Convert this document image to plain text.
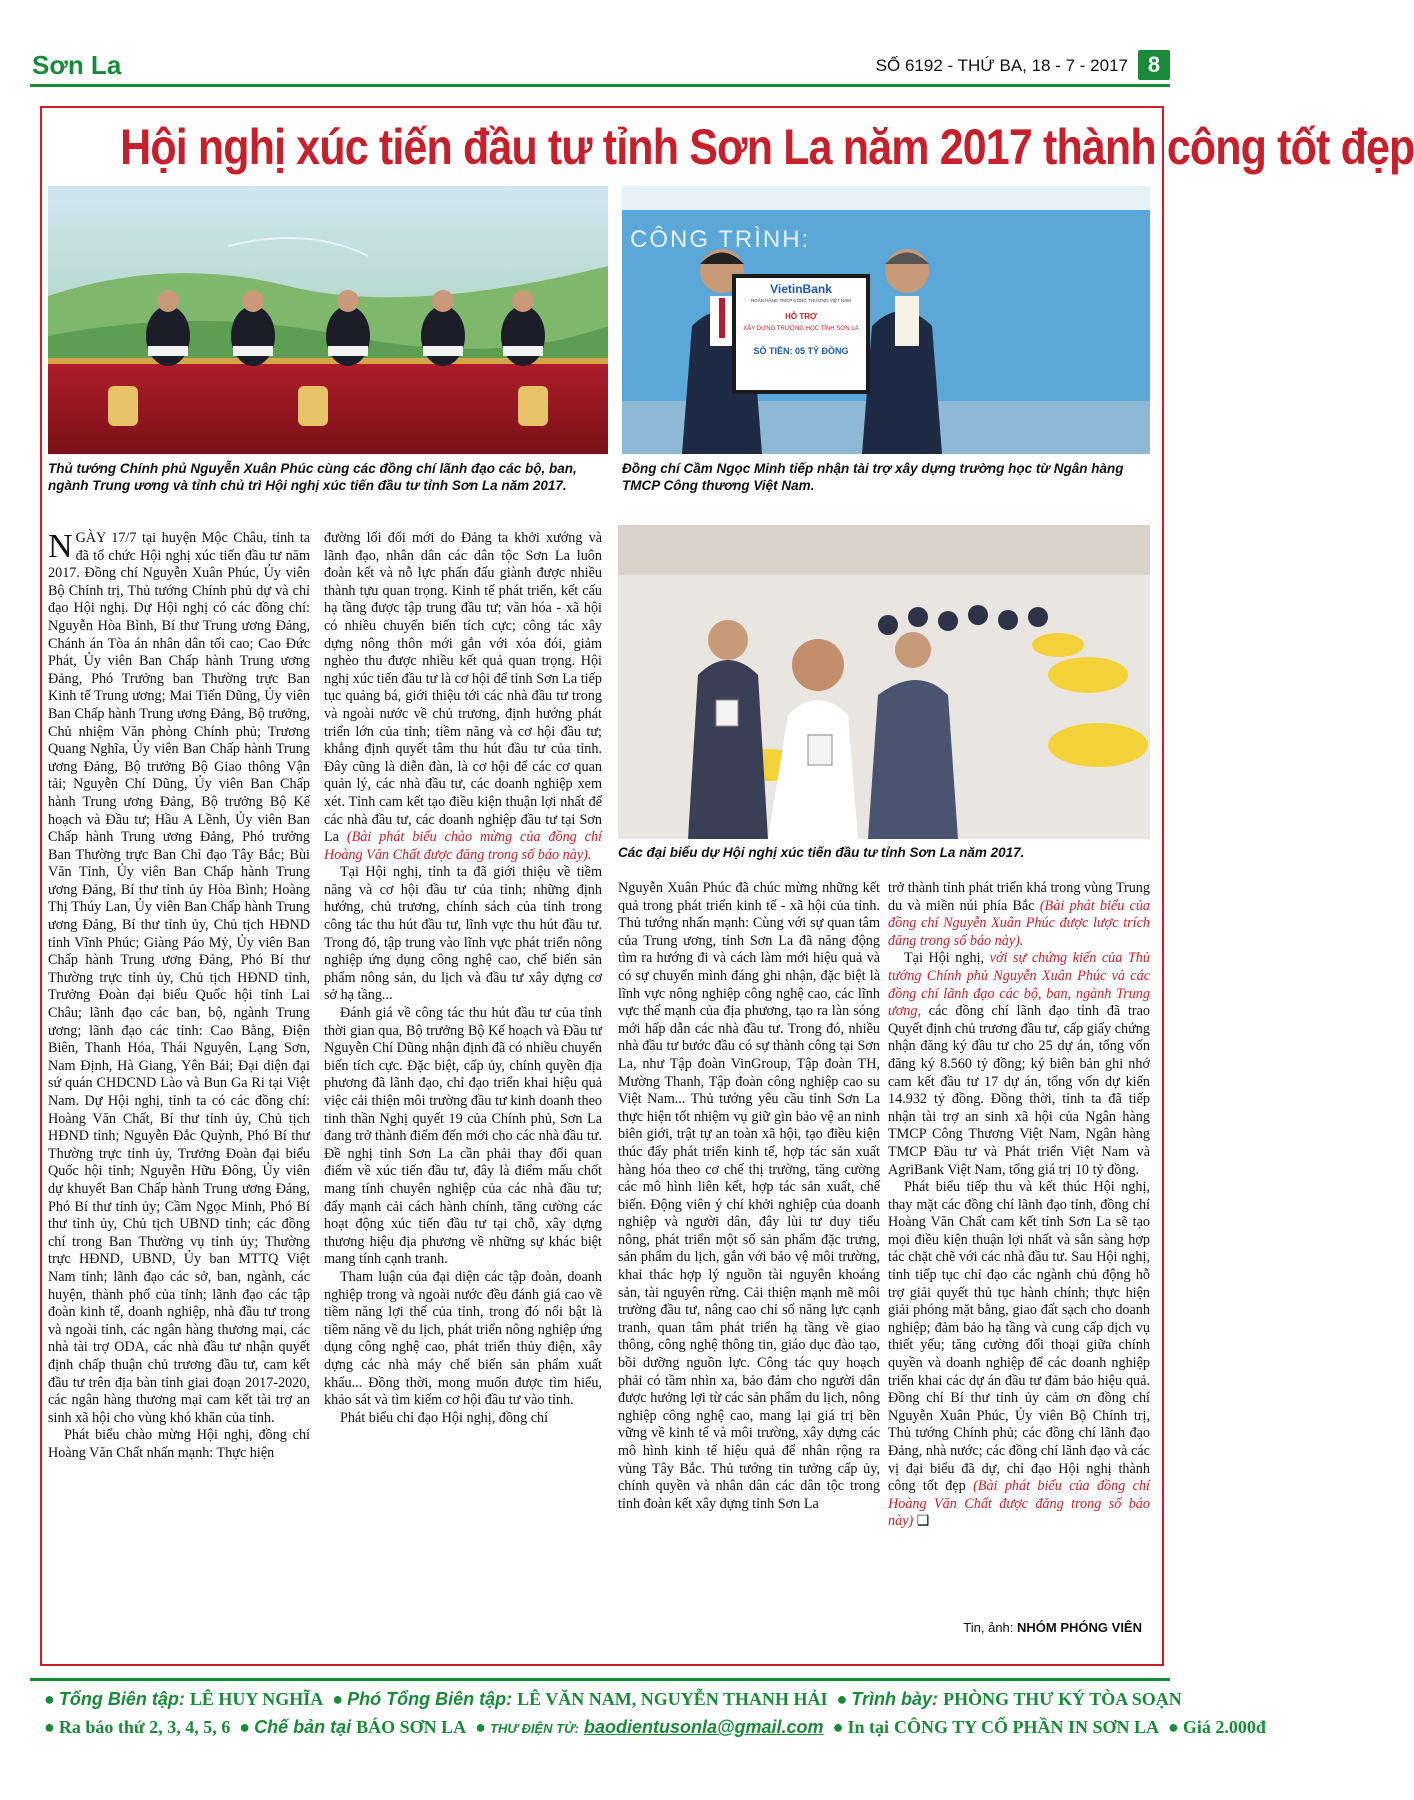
Sơn La	SỐ 6192 - THỨ BA, 18 - 7 - 2017 8
Hội nghị xúc tiến đầu tư tỉnh Sơn La năm 2017 thành công tốt đẹp
Thủ tướng Chính phủ Nguyễn Xuân Phúc cùng các đồng chí lãnh đạo các bộ, ban, ngành Trung ương và tỉnh chủ trì Hội nghị xúc tiến đầu tư tỉnh Sơn La năm 2017.
CÔNG TRÌNH:
VietinBank
NGÂN HÀNG TMCP CÔNG THƯƠNG VIỆT NAM
HỖ TRỢ
XÂY DỰNG TRƯỜNG HỌC TỈNH SƠN LA
SỐ TIỀN: 05 TỶ ĐỒNG
Đồng chí Cầm Ngọc Minh tiếp nhận tài trợ xây dựng trường học từ Ngân hàng TMCP Công thương Việt Nam.
Các đại biểu dự Hội nghị xúc tiến đầu tư tỉnh Sơn La năm 2017.

NGÀY 17/7 tại huyện Mộc Châu, tỉnh ta đã tổ chức Hội nghị xúc tiến đầu tư năm 2017. Đồng chí Nguyễn Xuân Phúc, Ủy viên Bộ Chính trị, Thủ tướng Chính phủ dự và chỉ đạo Hội nghị. Dự Hội nghị có các đồng chí: Nguyễn Hòa Bình, Bí thư Trung ương Đảng, Chánh án Tòa án nhân dân tối cao; Cao Đức Phát, Ủy viên Ban Chấp hành Trung ương Đảng, Phó Trưởng ban Thường trực Ban Kinh tế Trung ương; Mai Tiến Dũng, Ủy viên Ban Chấp hành Trung ương Đảng, Bộ trưởng, Chủ nhiệm Văn phòng Chính phủ; Trương Quang Nghĩa, Ủy viên Ban Chấp hành Trung ương Đảng, Bộ trưởng Bộ Giao thông Vận tải; Nguyễn Chí Dũng, Ủy viên Ban Chấp hành Trung ương Đảng, Bộ trưởng Bộ Kế hoạch và Đầu tư; Hầu A Lềnh, Ủy viên Ban Chấp hành Trung ương Đảng, Phó trưởng Ban Thường trực Ban Chỉ đạo Tây Bắc; Bùi Văn Tỉnh, Ủy viên Ban Chấp hành Trung ương Đảng, Bí thư tỉnh ủy Hòa Bình; Hoàng Thị Thúy Lan, Ủy viên Ban Chấp hành Trung ương Đảng, Bí thư tỉnh ủy, Chủ tịch HĐND tỉnh Vĩnh Phúc; Giàng Páo Mỷ, Ủy viên Ban Chấp hành Trung ương Đảng, Phó Bí thư Thường trực tỉnh ủy, Chủ tịch HĐND tỉnh, Trưởng Đoàn đại biểu Quốc hội tỉnh Lai Châu; lãnh đạo các ban, bộ, ngành Trung ương; lãnh đạo các tỉnh: Cao Bằng, Điện Biên, Thanh Hóa, Thái Nguyên, Lạng Sơn, Nam Định, Hà Giang, Yên Bái; Đại diện đại sứ quán CHDCND Lào và Bun Ga Ri tại Việt Nam. Dự Hội nghị, tỉnh ta có các đồng chí: Hoàng Văn Chất, Bí thư tỉnh ủy, Chủ tịch HĐND tỉnh; Nguyễn Đắc Quỳnh, Phó Bí thư Thường trực tỉnh ủy, Trưởng Đoàn đại biểu Quốc hội tỉnh; Nguyễn Hữu Đông, Ủy viên dự khuyết Ban Chấp hành Trung ương Đảng, Phó Bí thư tỉnh ủy; Cầm Ngọc Minh, Phó Bí thư tỉnh ủy, Chủ tịch UBND tỉnh; các đồng chí trong Ban Thường vụ tỉnh ủy; Thường trực HĐND, UBND, Ủy ban MTTQ Việt Nam tỉnh; lãnh đạo các sở, ban, ngành, các huyện, thành phố của tỉnh; lãnh đạo các tập đoàn kinh tế, doanh nghiệp, nhà đầu tư trong và ngoài tỉnh, các ngân hàng thương mại, các nhà tài trợ ODA, các nhà đầu tư nhận quyết định chấp thuận chủ trương đầu tư, cam kết đầu tư trên địa bàn tỉnh giai đoạn 2017-2020, các ngân hàng thương mại cam kết tài trợ an sinh xã hội cho vùng khó khăn của tỉnh.

Phát biểu chào mừng Hội nghị, đồng chí Hoàng Văn Chất nhấn mạnh: Thực hiện

đường lối đổi mới do Đảng ta khởi xướng và lãnh đạo, nhân dân các dân tộc Sơn La luôn đoàn kết và nỗ lực phấn đấu giành được nhiều thành tựu quan trọng. Kinh tế phát triển, kết cấu hạ tầng được tập trung đầu tư; văn hóa - xã hội có nhiều chuyển biến tích cực; công tác xây dựng nông thôn mới gắn với xóa đói, giảm nghèo thu được nhiều kết quả quan trọng. Hội nghị xúc tiến đầu tư là cơ hội để tỉnh Sơn La tiếp tục quảng bá, giới thiệu tới các nhà đầu tư trong và ngoài nước về chủ trương, định hướng phát triển lớn của tỉnh; tiềm năng và cơ hội đầu tư; khẳng định quyết tâm thu hút đầu tư của tỉnh. Đây cũng là diễn đàn, là cơ hội để các cơ quan quản lý, các nhà đầu tư, các doanh nghiệp xem xét. Tỉnh cam kết tạo điều kiện thuận lợi nhất để các nhà đầu tư, các doanh nghiệp đầu tư tại Sơn La (Bài phát biểu chào mừng của đồng chí Hoàng Văn Chất được đăng trong số báo này).

Tại Hội nghị, tỉnh ta đã giới thiệu về tiềm năng và cơ hội đầu tư của tỉnh; những định hướng, chủ trương, chính sách của tỉnh trong công tác thu hút đầu tư, lĩnh vực thu hút đầu tư. Trong đó, tập trung vào lĩnh vực phát triển nông nghiệp ứng dụng công nghệ cao, chế biến sản phẩm nông sản, du lịch và đầu tư xây dựng cơ sở hạ tầng...

Đánh giá về công tác thu hút đầu tư của tỉnh thời gian qua, Bộ trưởng Bộ Kế hoạch và Đầu tư Nguyễn Chí Dũng nhận định đã có nhiều chuyển biến tích cực. Đặc biệt, cấp ủy, chính quyền địa phương đã lãnh đạo, chỉ đạo triển khai hiệu quả việc cải thiện môi trường đầu tư kinh doanh theo tinh thần Nghị quyết 19 của Chính phủ, Sơn La đang trở thành điểm đến mới cho các nhà đầu tư. Đề nghị tỉnh Sơn La cần phải thay đổi quan điểm về xúc tiến đầu tư, đây là điểm mấu chốt mang tính chuyên nghiệp của các nhà đầu tư; đẩy mạnh cải cách hành chính, tăng cường các hoạt động xúc tiến đầu tư tại chỗ, xây dựng thương hiệu địa phương về những sự khác biệt mang tính cạnh tranh.

Tham luận của đại diện các tập đoàn, doanh nghiệp trong và ngoài nước đều đánh giá cao về tiềm năng lợi thế của tỉnh, trong đó nổi bật là tiềm năng về du lịch, phát triển nông nghiệp ứng dụng công nghệ cao, phát triển thủy điện, xây dựng các nhà máy chế biến sản phẩm xuất khẩu... Đồng thời, mong muốn được tìm hiểu, khảo sát và tìm kiếm cơ hội đầu tư vào tỉnh.

Phát biểu chỉ đạo Hội nghị, đồng chí

Nguyễn Xuân Phúc đã chúc mừng những kết quả trong phát triển kinh tế - xã hội của tỉnh. Thủ tướng nhấn mạnh: Cùng với sự quan tâm của Trung ương, tỉnh Sơn La đã năng động tìm ra hướng đi và cách làm mới hiệu quả và có sự chuyển mình đáng ghi nhận, đặc biệt là lĩnh vực nông nghiệp công nghệ cao, các lĩnh vực thế mạnh của địa phương, tạo ra làn sóng mới hấp dẫn các nhà đầu tư. Trong đó, nhiều nhà đầu tư bước đầu có sự thành công tại Sơn La, như Tập đoàn VinGroup, Tập đoàn TH, Mường Thanh, Tập đoàn công nghiệp cao su Việt Nam... Thủ tướng yêu cầu tỉnh Sơn La thực hiện tốt nhiệm vụ giữ gìn bảo vệ an ninh biên giới, trật tự an toàn xã hội, tạo điều kiện thúc đẩy phát triển kinh tế, hợp tác sản xuất hàng hóa theo cơ chế thị trường, tăng cường các mô hình liên kết, hợp tác sản xuất, chế biến. Động viên ý chí khởi nghiệp của doanh nghiệp và người dân, đây lùi tư duy tiểu nông, phát triển một số sản phẩm đặc trưng, sản phẩm du lịch, gắn với bảo vệ môi trường, khai thác hợp lý nguồn tài nguyên khoáng sản, tài nguyên rừng. Cải thiện mạnh mẽ môi trường đầu tư, nâng cao chỉ số năng lực cạnh tranh, quan tâm phát triển hạ tầng về giao thông, công nghệ thông tin, giáo dục đào tạo, bồi dưỡng nguồn lực. Công tác quy hoạch phải có tầm nhìn xa, bảo đảm cho người dân được hưởng lợi từ các sản phẩm du lịch, nông nghiệp công nghệ cao, mang lại giá trị bền vững về kinh tế và môi trường, xây dựng các mô hình kinh tế hiệu quả để nhân rộng ra vùng Tây Bắc. Thủ tướng tin tưởng cấp ủy, chính quyền và nhân dân các dân tộc trong tỉnh đoàn kết xây dựng tỉnh Sơn La

trở thành tỉnh phát triển khá trong vùng Trung du và miền núi phía Bắc (Bài phát biểu của đồng chí Nguyễn Xuân Phúc được lược trích đăng trong số báo này).

Tại Hội nghị, với sự chứng kiến của Thủ tướng Chính phủ Nguyễn Xuân Phúc và các đồng chí lãnh đạo các bộ, ban, ngành Trung ương, các đồng chí lãnh đạo tỉnh đã trao Quyết định chủ trương đầu tư, cấp giấy chứng nhận đăng ký đầu tư cho 25 dự án, tổng vốn đăng ký 8.560 tỷ đồng; ký biên bản ghi nhớ cam kết đầu tư 17 dự án, tổng vốn dự kiến 14.932 tỷ đồng. Đồng thời, tỉnh ta đã tiếp nhận tài trợ an sinh xã hội của Ngân hàng TMCP Công Thương Việt Nam, Ngân hàng TMCP Đầu tư và Phát triển Việt Nam và AgriBank Việt Nam, tổng giá trị 10 tỷ đồng.

Phát biểu tiếp thu và kết thúc Hội nghị, thay mặt các đồng chí lãnh đạo tỉnh, đồng chí Hoàng Văn Chất cam kết tỉnh Sơn La sẽ tạo mọi điều kiện thuận lợi nhất và sẵn sàng hợp tác chặt chẽ với các nhà đầu tư. Sau Hội nghị, tỉnh tiếp tục chỉ đạo các ngành chủ động hỗ trợ giải quyết thủ tục hành chính; thực hiện giải phóng mặt bằng, giao đất sạch cho doanh nghiệp; đảm bảo hạ tầng và cung cấp dịch vụ thiết yếu; tăng cường đối thoại giữa chính quyền và doanh nghiệp để các doanh nghiệp triển khai các dự án đầu tư đảm bảo hiệu quả. Đồng chí Bí thư tỉnh ủy cảm ơn đồng chí Nguyễn Xuân Phúc, Ủy viên Bộ Chính trị, Thủ tướng Chính phủ; các đồng chí lãnh đạo Đảng, nhà nước; các đồng chí lãnh đạo và các vị đại biểu đã dự, chỉ đạo Hội nghị thành công tốt đẹp (Bài phát biểu của đồng chí Hoàng Văn Chất được đăng trong số báo này) ❑

Tin, ảnh: NHÓM PHÓNG VIÊN
● Tổng Biên tập: LÊ HUY NGHĨA ● Phó Tổng Biên tập: LÊ VĂN NAM, NGUYỄN THANH HẢI ● Trình bày: PHÒNG THƯ KÝ TÒA SOẠN
● Ra báo thứ 2, 3, 4, 5, 6 ● Chế bản tại BÁO SƠN LA ● THƯ ĐIỆN TỬ: baodientusonla@gmail.com ● In tại CÔNG TY CỔ PHẦN IN SƠN LA ● Giá 2.000đ
